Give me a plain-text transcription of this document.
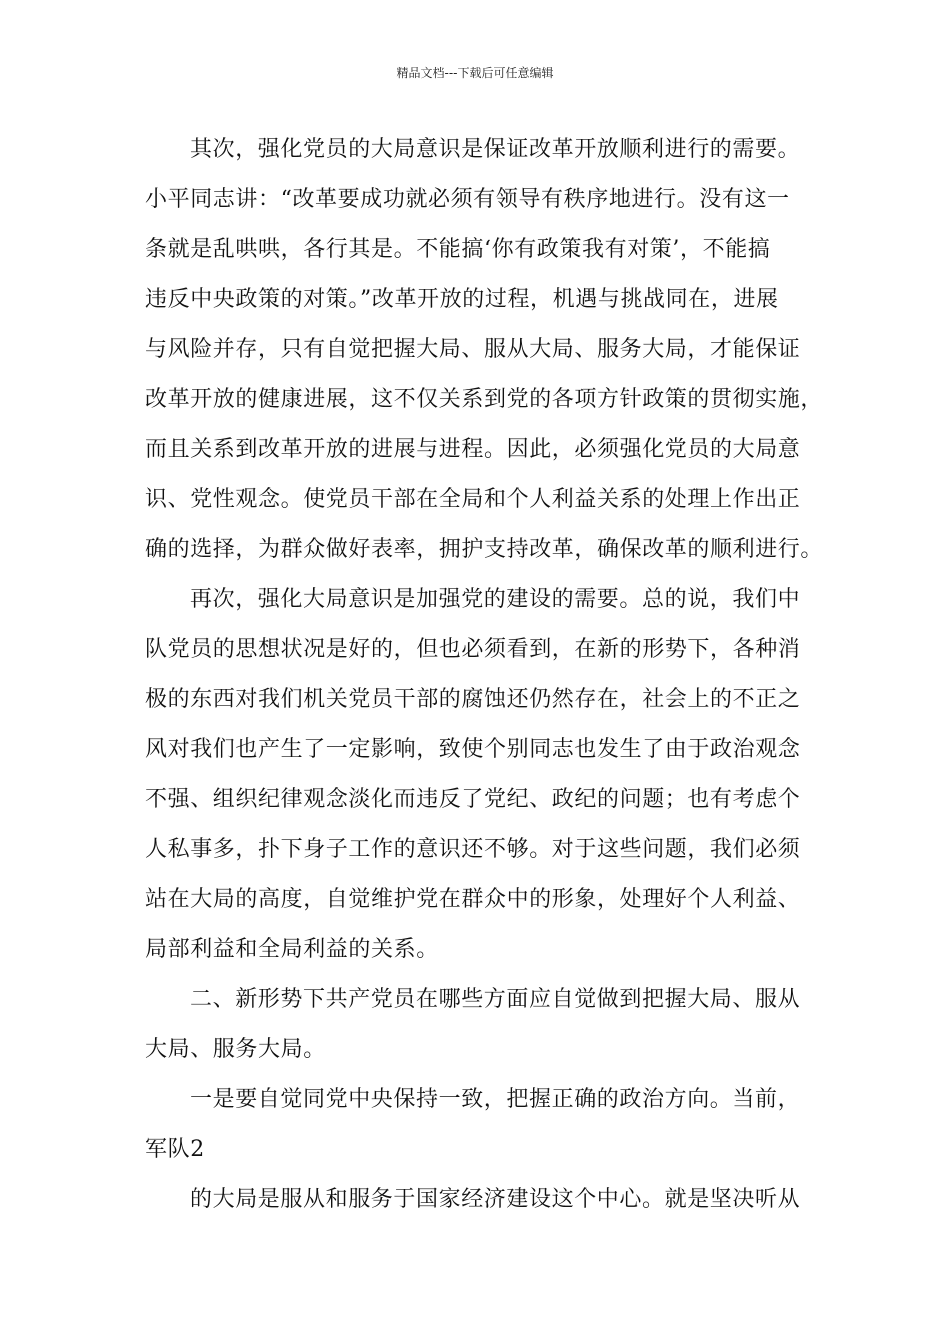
精品文档---下载后可任意编辑
其次，强化党员的大局意识是保证改革开放顺利进行的需要。
小平同志讲：“改革要成功就必须有领导有秩序地进行。没有这一
条就是乱哄哄，各行其是。不能搞‘你有政策我有对策’，不能搞
违反中央政策的对策。”改革开放的过程，机遇与挑战同在，进展
与风险并存，只有自觉把握大局、服从大局、服务大局，才能保证
改革开放的健康进展，这不仅关系到党的各项方针政策的贯彻实施，
而且关系到改革开放的进展与进程。因此，必须强化党员的大局意
识、党性观念。使党员干部在全局和个人利益关系的处理上作出正
确的选择，为群众做好表率，拥护支持改革，确保改革的顺利进行。
再次，强化大局意识是加强党的建设的需要。总的说，我们中
队党员的思想状况是好的，但也必须看到，在新的形势下，各种消
极的东西对我们机关党员干部的腐蚀还仍然存在，社会上的不正之
风对我们也产生了一定影响，致使个别同志也发生了由于政治观念
不强、组织纪律观念淡化而违反了党纪、政纪的问题；也有考虑个
人私事多，扑下身子工作的意识还不够。对于这些问题，我们必须
站在大局的高度，自觉维护党在群众中的形象，处理好个人利益、
局部利益和全局利益的关系。
二、新形势下共产党员在哪些方面应自觉做到把握大局、服从
大局、服务大局。
一是要自觉同党中央保持一致，把握正确的政治方向。当前，
军队2
的大局是服从和服务于国家经济建设这个中心。就是坚决听从
